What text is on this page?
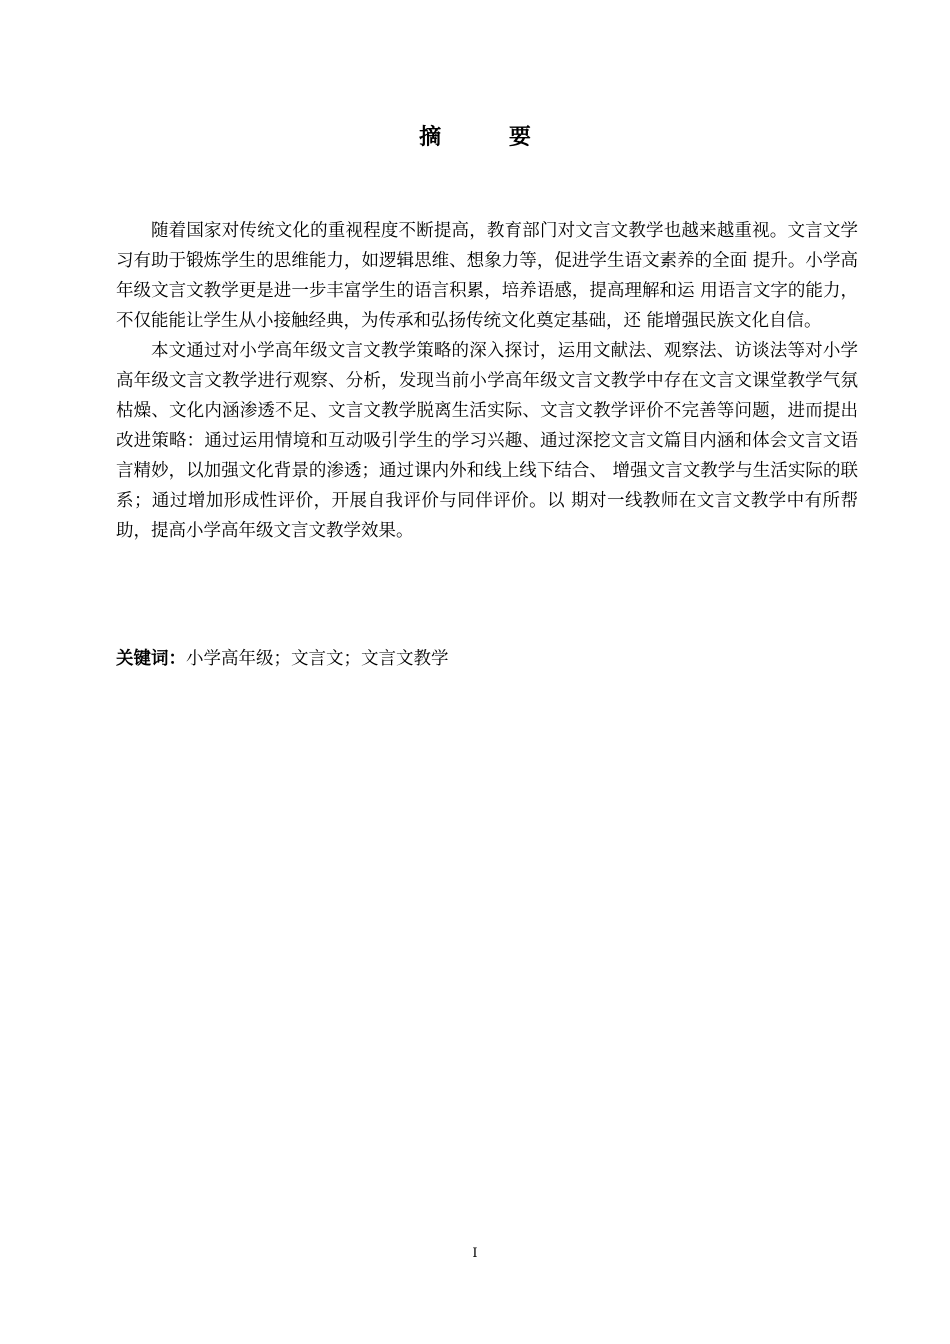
摘 要

随着国家对传统文化的重视程度不断提高，教育部门对文言文教学也越来越重视。文言文学习有助于锻炼学生的思维能力，如逻辑思维、想象力等，促进学生语文素养的全面 提升。小学高年级文言文教学更是进一步丰富学生的语言积累，培养语感，提高理解和运 用语言文字的能力，不仅能能让学生从小接触经典，为传承和弘扬传统文化奠定基础，还 能增强民族文化自信。

本文通过对小学高年级文言文教学策略的深入探讨，运用文献法、观察法、访谈法等对小学高年级文言文教学进行观察、分析，发现当前小学高年级文言文教学中存在文言文课堂教学气氛枯燥、文化内涵渗透不足、文言文教学脱离生活实际、文言文教学评价不完善等问题，进而提出改进策略：通过运用情境和互动吸引学生的学习兴趣、通过深挖文言文篇目内涵和体会文言文语言精妙，以加强文化背景的渗透；通过课内外和线上线下结合、 增强文言文教学与生活实际的联系；通过增加形成性评价，开展自我评价与同伴评价。以 期对一线教师在文言文教学中有所帮助，提高小学高年级文言文教学效果。

关键词：小学高年级；文言文；文言文教学
I
